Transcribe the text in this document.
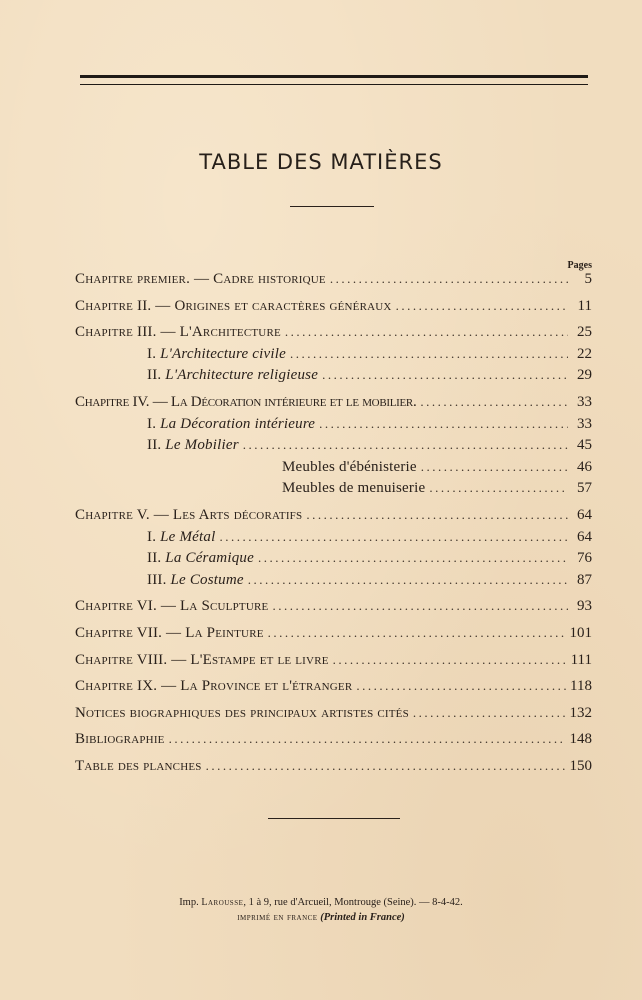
TABLE DES MATIÈRES
Pages
Chapitre premier. — Cadre historique .....	5
Chapitre II. — Origines et caractères généraux .....	11
Chapitre III. — L'Architecture .....	25
I. L'Architecture civile .....	22
II. L'Architecture religieuse .....	29
Chapitre IV. — La Décoration intérieure et le mobilier. .....	33
I. La Décoration intérieure .....	33
II. Le Mobilier .....	45
Meubles d'ébénisterie .....	46
Meubles de menuiserie .....	57
Chapitre V. — Les Arts décoratifs .....	64
I. Le Métal .....	64
II. La Céramique .....	76
III. Le Costume .....	87
Chapitre VI. — La Sculpture .....	93
Chapitre VII. — La Peinture .....	101
Chapitre VIII. — L'Estampe et le livre .....	111
Chapitre IX. — La Province et l'étranger .....	118
Notices biographiques des principaux artistes cités .....	132
Bibliographie .....	148
Table des planches .....	150
Imp. Larousse, 1 à 9, rue d'Arcueil, Montrouge (Seine). — 8-4-42.
imprimé en france (Printed in France)
